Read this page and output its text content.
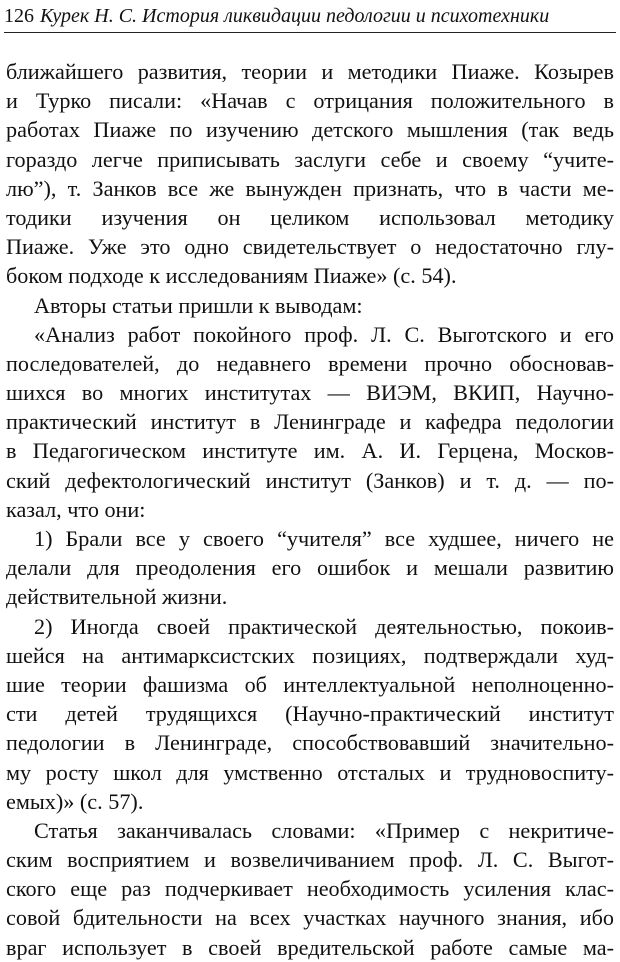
126 Курек Н. С. История ликвидации педологии и психотехники
ближайшего развития, теории и методики Пиаже. Козырев
и Турко писали: «Начав с отрицания положительного в
работах Пиаже по изучению детского мышления (так ведь
гораздо легче приписывать заслуги себе и своему “учите-
лю”), т. Занков все же вынужден признать, что в части ме-
тодики изучения он целиком использовал методику
Пиаже. Уже это одно свидетельствует о недостаточно глу-
боком подходе к исследованиям Пиаже» (с. 54).
Авторы статьи пришли к выводам:
«Анализ работ покойного проф. Л. С. Выготского и его
последователей, до недавнего времени прочно обосновав-
шихся во многих институтах — ВИЭМ, ВКИП, Научно-
практический институт в Ленинграде и кафедра педологии
в Педагогическом институте им. А. И. Герцена, Москов-
ский дефектологический институт (Занков) и т. д. — по-
казал, что они:
1) Брали все у своего “учителя” все худшее, ничего не
делали для преодоления его ошибок и мешали развитию
действительной жизни.
2) Иногда своей практической деятельностью, покоив-
шейся на антимарксистских позициях, подтверждали худ-
шие теории фашизма об интеллектуальной неполноценно-
сти детей трудящихся (Научно-практический институт
педологии в Ленинграде, способствовавший значительно-
му росту школ для умственно отсталых и трудновоспиту-
емых)» (с. 57).
Статья заканчивалась словами: «Пример с некритиче-
ским восприятием и возвеличиванием проф. Л. С. Выгот-
ского еще раз подчеркивает необходимость усиления клас-
совой бдительности на всех участках научного знания, ибо
враг использует в своей вредительской работе самые ма-
